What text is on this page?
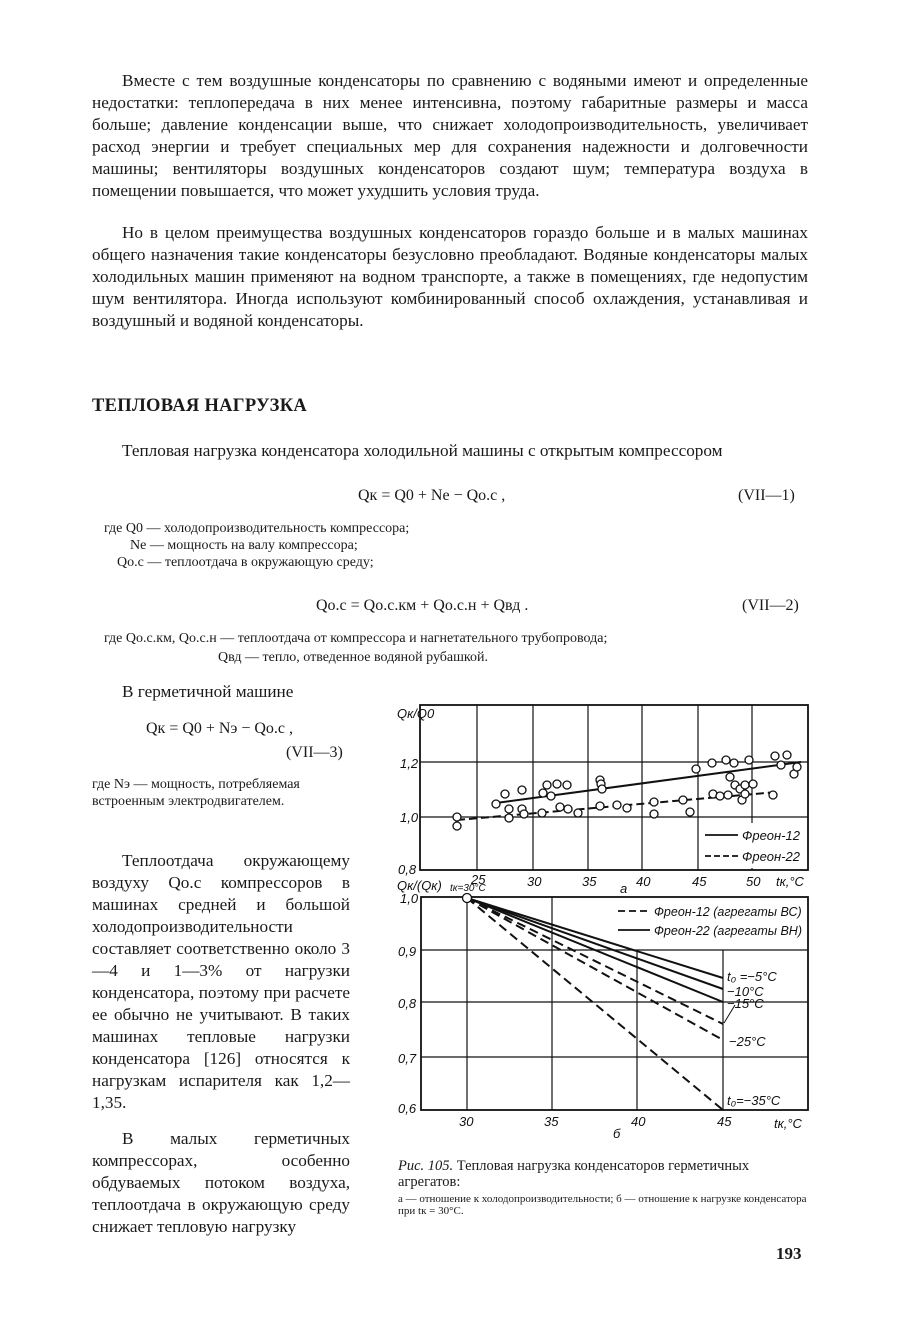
Вместе с тем воздушные конденсаторы по сравнению с водяными имеют и определенные недостатки: теплопередача в них менее интенсивна, поэтому габаритные размеры и масса больше; давление конденсации выше, что снижает холодопроизводительность, увеличивает расход энергии и требует специальных мер для сохранения надежности и долговечности машины; вентиляторы воздушных конденсаторов создают шум; температура воздуха в помещении повышается, что может ухудшить условия труда.

Но в целом преимущества воздушных конденсаторов гораздо больше и в малых машинах общего назначения такие конденсаторы безусловно преобладают. Водяные конденсаторы малых холодильных машин применяют на водном транспорте, а также в помещениях, где недопустим шум вентилятора. Иногда используют комбинированный способ охлаждения, устанавливая и воздушный и водяной конденсаторы.

ТЕПЛОВАЯ НАГРУЗКА

Тепловая нагрузка конденсатора холодильной машины с открытым компрессором

Qк = Q0 + Ne − Qо.с ,	(VII—1)
где Q0 — холодопроизводительность компрессора;
Ne — мощность на валу компрессора;
Qо.с — теплоотдача в окружающую среду;
Qо.с = Qо.с.км + Qо.с.н + Qвд .	(VII—2)
где Qо.с.км, Qо.с.н — теплоотдача от компрессора и нагнетательного трубопровода;
Qвд — тепло, отведенное водяной рубашкой.

В герметичной машине

Qк = Q0 + Nэ − Qо.с ,
(VII—3)
где Nэ — мощность, потребляемая встроенным электродвигателем.

Теплоотдача окружающему воздуху Qо.с компрессоров в машинах средней и большой холодопроизводительности составляет соответственно около 3—4 и 1—3% от нагрузки конденсатора, поэтому при расчете ее обычно не учитывают. В таких машинах тепловые нагрузки конденсатора [126] относятся к нагрузкам испарителя как 1,2—1,35.

В малых герметичных компрессорах, особенно обдуваемых потоком воздуха, теплоотдача в окружающую среду снижает тепловую нагрузку

Qк/Q0
1,2
1,0
0,8
25	30	35	40	45	50 tк,°C
а
Фреон-12
Фреон-22
Qк/(Qк) tк=30°C
1,0
0,9
0,8
0,7
0,6
30	35	40	45	tк,°C
б
Фреон-12 (агрегаты ВС)
Фреон-22 (агрегаты ВН)
t₀ =−5°C
−10°C
−15°C
−25°C
t₀=−35°C
Рис. 105. Тепловая нагрузка конденсаторов герметичных агрегатов:
а — отношение к холодопроизводительности; б — отношение к нагрузке конденсатора при tк = 30°C.
193
